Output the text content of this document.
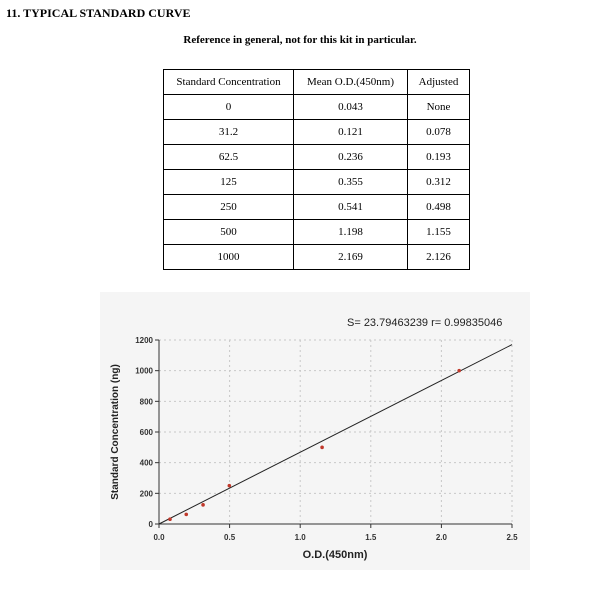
11. TYPICAL STANDARD CURVE
Reference in general, not for this kit in particular.
Standard Concentration	Mean O.D.(450nm)	Adjusted
0	0.043	None
31.2	0.121	0.078
62.5	0.236	0.193
125	0.355	0.312
250	0.541	0.498
500	1.198	1.155
1000	2.169	2.126
S= 23.79463239 r= 0.99835046
0.0	0.5	1.0	1.5	2.0	2.5
0
200
400
600
800
1000
1200
O.D.(450nm)
Standard Concentration (ng)
